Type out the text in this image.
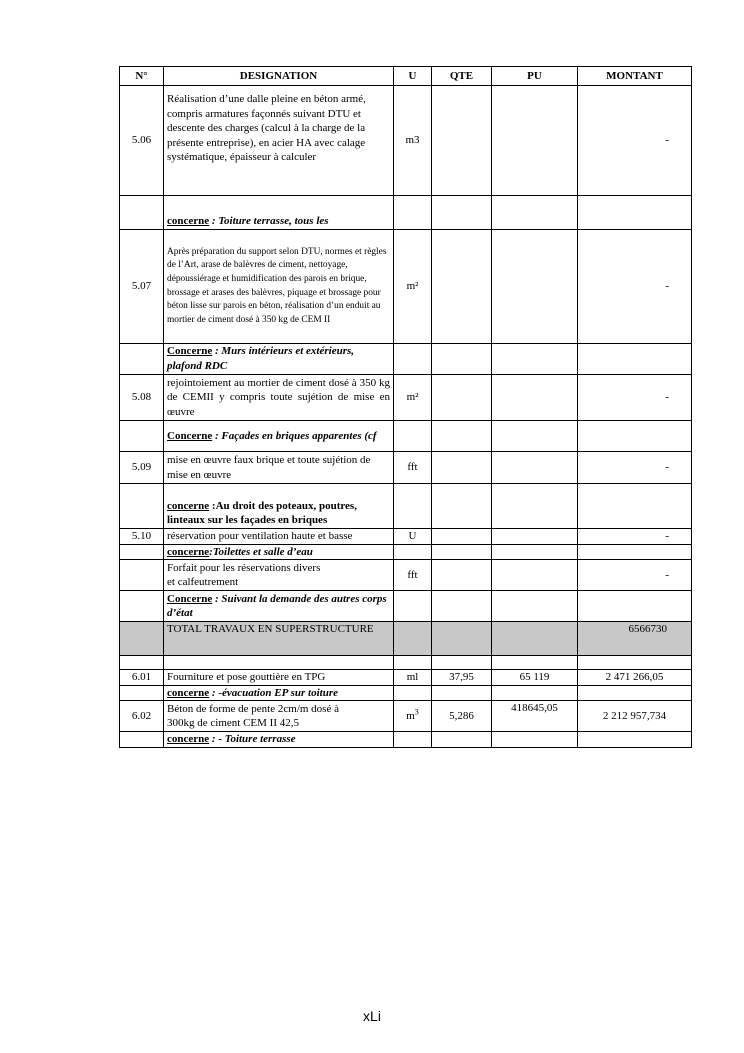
N°	DESIGNATION	U	QTE	PU	MONTANT
5.06	Réalisation d’une dalle pleine en béton armé, compris armatures façonnés suivant DTU et descente des charges (calcul à la charge de la présente entreprise), en acier HA avec calage systématique, épaisseur à calculer	m3			-
	concerne : Toiture terrasse, tous les				
5.07	Après préparation du support selon DTU, normes et règles de l’Art, arase de balèvres de ciment, nettoyage, dépoussiérage et humidification des parois en brique, brossage et arases des balèvres, piquage et brossage pour béton lisse sur parois en béton, réalisation d’un enduit au mortier de ciment dosé à 350 kg de CEM II	m²			-
	Concerne : Murs intérieurs et extérieurs, plafond RDC				
5.08	rejointoiement au mortier de ciment dosé à 350 kg de CEMII y compris toute sujétion de mise en œuvre	m²			-
	Concerne : Façades en briques apparentes (cf				
5.09	mise en œuvre faux brique et toute sujétion de mise en œuvre	fft			-
	concerne :Au droit des poteaux, poutres, linteaux sur les façades en briques				
5.10	réservation pour ventilation haute et basse	U			-
	concerne:Toilettes et salle d’eau				
	Forfait pour les réservations divers
et calfeutrement	fft			-
	Concerne : Suivant la demande des autres corps d’état				
	TOTAL TRAVAUX EN SUPERSTRUCTURE				6566730

6.01	Fourniture et pose gouttière en TPG	ml	37,95	65 119	2 471 266,05
	concerne : -évacuation EP sur toiture				
6.02	Béton de forme de pente 2cm/m dosé à
300kg de ciment CEM II 42,5	$m^3$	5,286	418645,05	2 212 957,734
	concerne : - Toiture terrasse				
xLi
